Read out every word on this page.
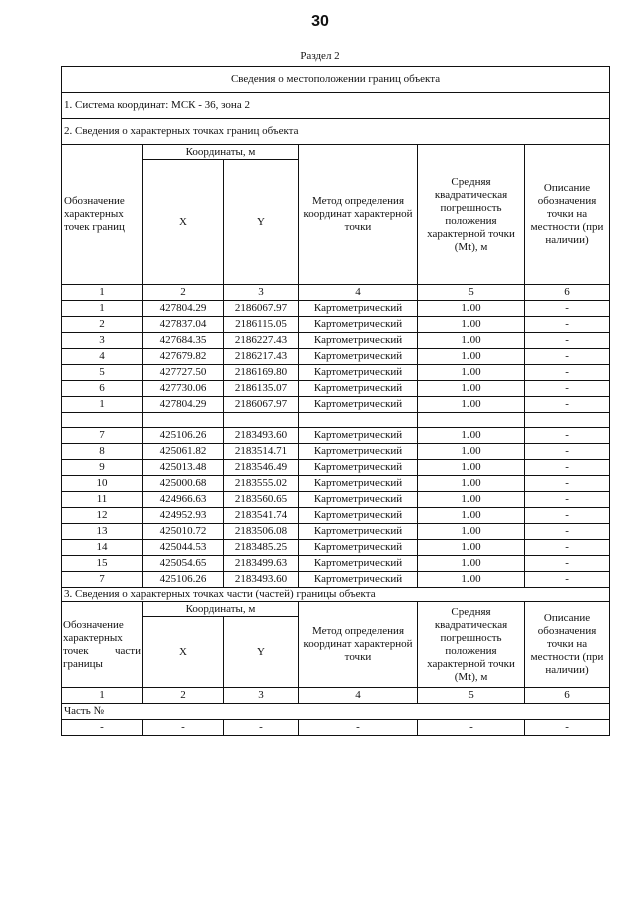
30
Раздел 2
Сведения о местоположении границ объекта					
1. Система координат: МСК - 36, зона 2					
2. Сведения о характерных точках границ объекта					
Обозначение характерных точек границ	Координаты, м		Метод определения координат характерной точки	Средняя квадратическая погрешность положения характерной точки (Mt), м	Описание обозначения точки на местности (при наличии)
	X	Y			
1	2	3	4	5	6
1	427804.29	2186067.97	Картометрический	1.00	-
2	427837.04	2186115.05	Картометрический	1.00	-
3	427684.35	2186227.43	Картометрический	1.00	-
4	427679.82	2186217.43	Картометрический	1.00	-
5	427727.50	2186169.80	Картометрический	1.00	-
6	427730.06	2186135.07	Картометрический	1.00	-
1	427804.29	2186067.97	Картометрический	1.00	-

7	425106.26	2183493.60	Картометрический	1.00	-
8	425061.82	2183514.71	Картометрический	1.00	-
9	425013.48	2183546.49	Картометрический	1.00	-
10	425000.68	2183555.02	Картометрический	1.00	-
11	424966.63	2183560.65	Картометрический	1.00	-
12	424952.93	2183541.74	Картометрический	1.00	-
13	425010.72	2183506.08	Картометрический	1.00	-
14	425044.53	2183485.25	Картометрический	1.00	-
15	425054.65	2183499.63	Картометрический	1.00	-
7	425106.26	2183493.60	Картометрический	1.00	-
3. Сведения о характерных точках части (частей) границы объекта					
Обозначение характерных точек части границы	Координаты, м		Метод определения координат характерной точки	Средняя квадратическая погрешность положения характерной точки (Mt), м	Описание обозначения точки на местности (при наличии)
	X	Y			
1	2	3	4	5	6
Часть №					
-	-	-	-	-	-
